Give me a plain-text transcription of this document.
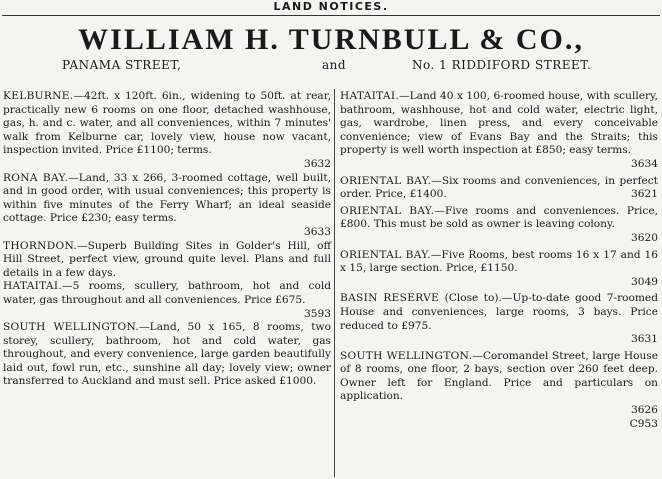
LAND NOTICES.
WILLIAM H. TURNBULL & CO.,
PANAMA STREET,	and	No. 1 RIDDIFORD STREET.
KELBURNE.—42ft. x 120ft. 6in., widening to 50ft. at rear, practically new 6 rooms on one floor, detached washhouse, gas, h. and c. water, and all conveniences, within 7 minutes' walk from Kelburne car, lovely view, house now vacant, inspection invited. Price £1100; terms.

3632

RONA BAY.—Land, 33 x 266, 3-roomed cottage, well built, and in good order, with usual conveniences; this property is within five minutes of the Ferry Wharf; an ideal seaside cottage. Price £230; easy terms.

3633

THORNDON.—Superb Building Sites in Golder's Hill, off Hill Street, perfect view, ground quite level. Plans and full details in a few days.
HATAITAI.—5 rooms, scullery, bathroom, hot and cold water, gas throughout and all conveniences. Price £675.

3593

SOUTH WELLINGTON.—Land, 50 x 165, 8 rooms, two storey, scullery, bathroom, hot and cold water, gas throughout, and every convenience, large garden beautifully laid out, fowl run, etc., sunshine all day; lovely view; owner transferred to Auckland and must sell. Price asked £1000.
HATAITAI.—Land 40 x 100, 6-roomed house, with scullery, bathroom, washhouse, hot and cold water, electric light, gas, wardrobe, linen press, and every conceivable convenience; view of Evans Bay and the Straits; this property is well worth inspection at £850; easy terms.

3634

ORIENTAL BAY.—Six rooms and conveniences, in perfect order. Price, £1400.	3621
ORIENTAL BAY.—Five rooms and conveniences. Price, £800. This must be sold as owner is leaving colony.

3620

ORIENTAL BAY.—Five Rooms, best rooms 16 x 17 and 16 x 15, large section. Price, £1150.

3049

BASIN RESERVE (Close to).—Up-to-date good 7-roomed House and conveniences, large rooms, 3 bays. Price reduced to £975.

3631

SOUTH WELLINGTON.—Coromandel Street, large House of 8 rooms, one floor, 2 bays, section over 260 feet deep. Owner left for England. Price and particulars on application.

3626

C953
